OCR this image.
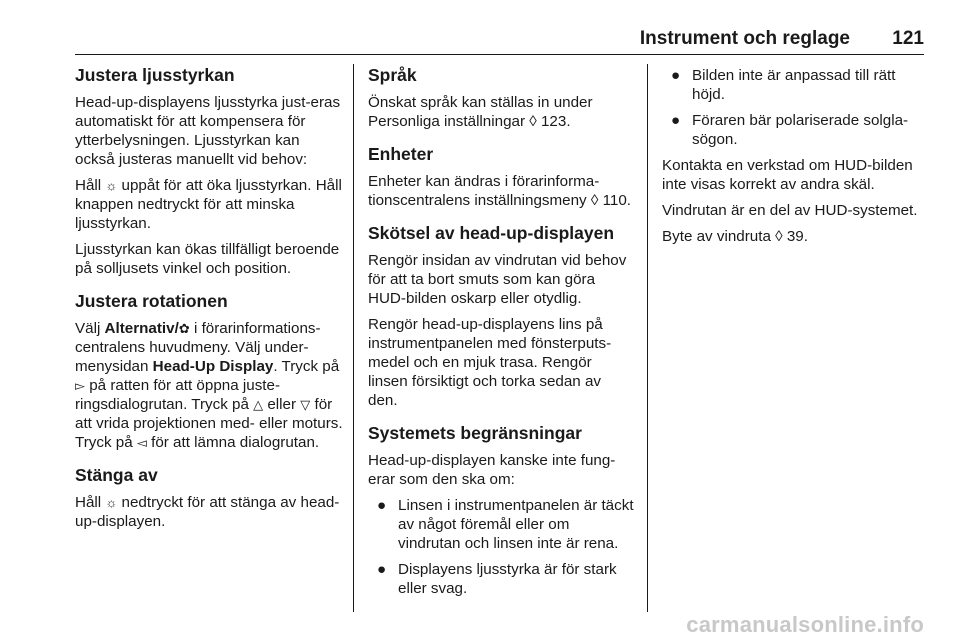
Instrument och reglage 121
Justera ljusstyrkan

Head-up-displayens ljusstyrka just-eras automatiskt för att kompensera för ytterbelysningen. Ljusstyrkan kan också justeras manuellt vid behov:

Håll ☼ uppåt för att öka ljusstyrkan. Håll knappen nedtryckt för att minska ljusstyrkan.

Ljusstyrkan kan ökas tillfälligt beroende på solljusets vinkel och position.

Justera rotationen

Välj Alternativ/✿ i förarinformations-centralens huvudmeny. Välj under-menysidan Head-Up Display. Tryck på ▻ på ratten för att öppna juste-ringsdialogrutan. Tryck på △ eller ▽ för att vrida projektionen med- eller moturs. Tryck på ◅ för att lämna dialogrutan.

Stänga av

Håll ☼ nedtryckt för att stänga av head-up-displayen.

Språk

Önskat språk kan ställas in under Personliga inställningar ◊ 123.

Enheter

Enheter kan ändras i förarinforma-tionscentralens inställningsmeny ◊ 110.

Skötsel av head-up-displayen

Rengör insidan av vindrutan vid behov för att ta bort smuts som kan göra HUD-bilden oskarp eller otydlig.

Rengör head-up-displayens lins på instrumentpanelen med fönsterputs-medel och en mjuk trasa. Rengör linsen försiktigt och torka sedan av den.

Systemets begränsningar

Head-up-displayen kanske inte fung-erar som den ska om:

● Linsen i instrumentpanelen är täckt av något föremål eller om vindrutan och linsen inte är rena.
● Displayens ljusstyrka är för stark eller svag.
● Bilden inte är anpassad till rätt höjd.
● Föraren bär polariserade solgla-sögon.

Kontakta en verkstad om HUD-bilden inte visas korrekt av andra skäl.

Vindrutan är en del av HUD-systemet.

Byte av vindruta ◊ 39.

carmanualsonline.info
